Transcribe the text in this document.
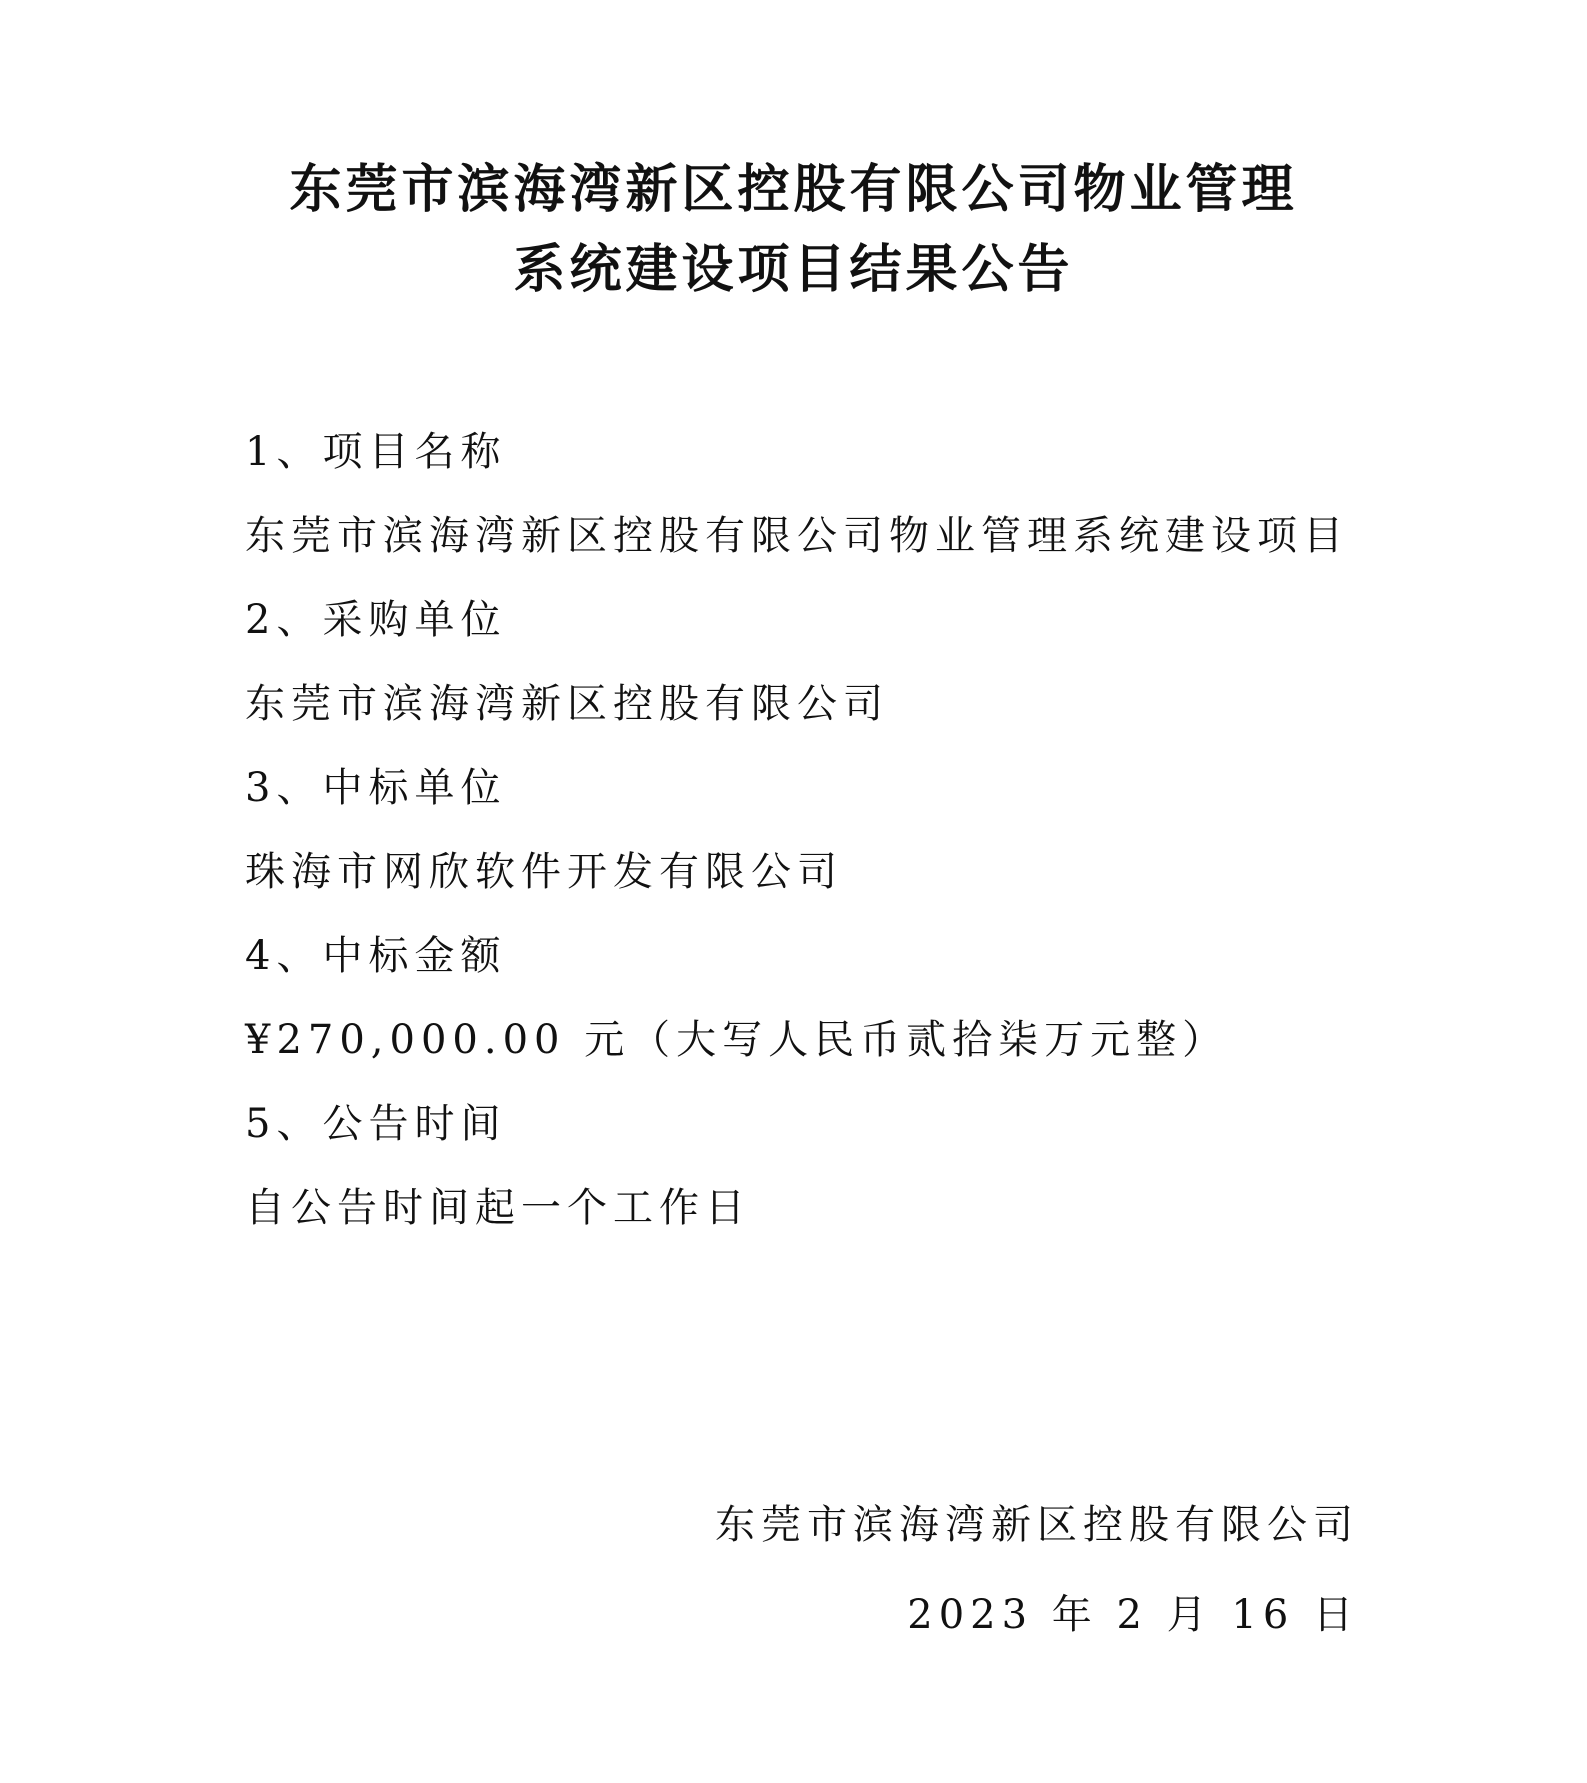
东莞市滨海湾新区控股有限公司物业管理
系统建设项目结果公告

1、项目名称

东莞市滨海湾新区控股有限公司物业管理系统建设项目

2、采购单位

东莞市滨海湾新区控股有限公司

3、中标单位

珠海市网欣软件开发有限公司

4、中标金额

¥270,000.00 元（大写人民币贰拾柒万元整）

5、公告时间

自公告时间起一个工作日

东莞市滨海湾新区控股有限公司
2023 年 2 月 16 日
